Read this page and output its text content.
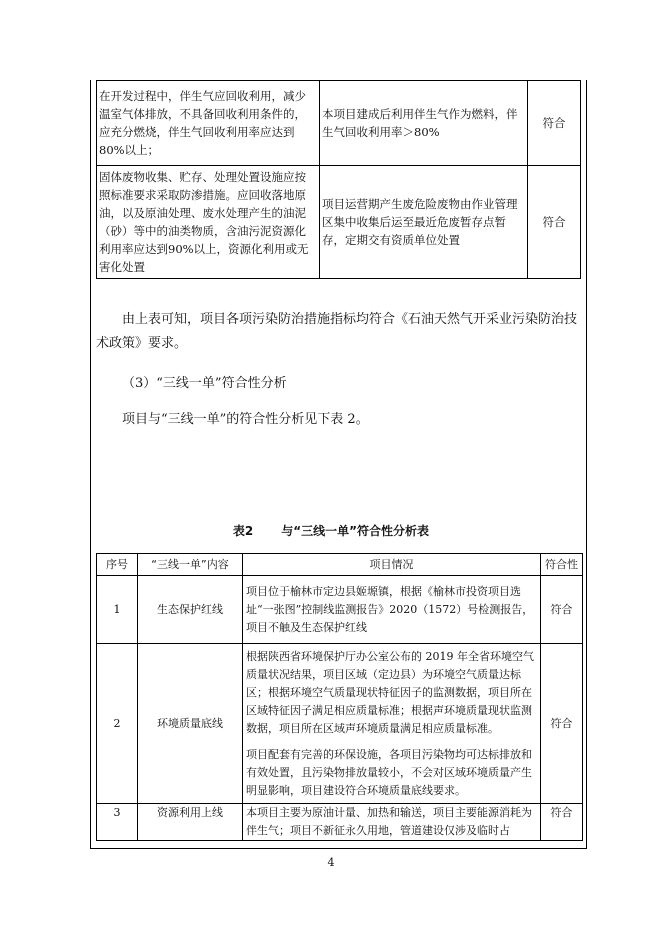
在开发过程中，伴生气应回收利用，减少温室气体排放，不具备回收利用条件的，应充分燃烧，伴生气回收利用率应达到80%以上；	本项目建成后利用伴生气作为燃料，伴生气回收利用率＞80%	符合
固体废物收集、贮存、处理处置设施应按照标准要求采取防渗措施。应回收落地原油，以及原油处理、废水处理产生的油泥（砂）等中的油类物质，含油污泥资源化利用率应达到90%以上，资源化利用或无害化处置	项目运营期产生废危险废物由作业管理区集中收集后运至最近危废暂存点暂存，定期交有资质单位处置	符合
由上表可知，项目各项污染防治措施指标均符合《石油天然气开采业污染防治技术政策》要求。
（3）“三线一单”符合性分析
项目与“三线一单”的符合性分析见下表 2。
表2 与“三线一单”符合性分析表
序号	“三线一单”内容	项目情况	符合性
1	生态保护红线	项目位于榆林市定边县姬塬镇，根据《榆林市投资项目选址“一张图”控制线监测报告》2020（1572）号检测报告，项目不触及生态保护红线	符合
2	环境质量底线	根据陕西省环境保护厅办公室公布的 2019 年全省环境空气质量状况结果，项目区域（定边县）为环境空气质量达标区；根据环境空气质量现状特征因子的监测数据，项目所在区域特征因子满足相应质量标准；根据声环境质量现状监测数据，项目所在区域声环境质量满足相应质量标准。
项目配套有完善的环保设施，各项目污染物均可达标排放和有效处置，且污染物排放量较小，不会对区域环境质量产生明显影响，项目建设符合环境质量底线要求。	符合
3	资源利用上线	本项目主要为原油计量、加热和输送，项目主要能源消耗为伴生气；项目不新征永久用地，管道建设仅涉及临时占	符合
4
